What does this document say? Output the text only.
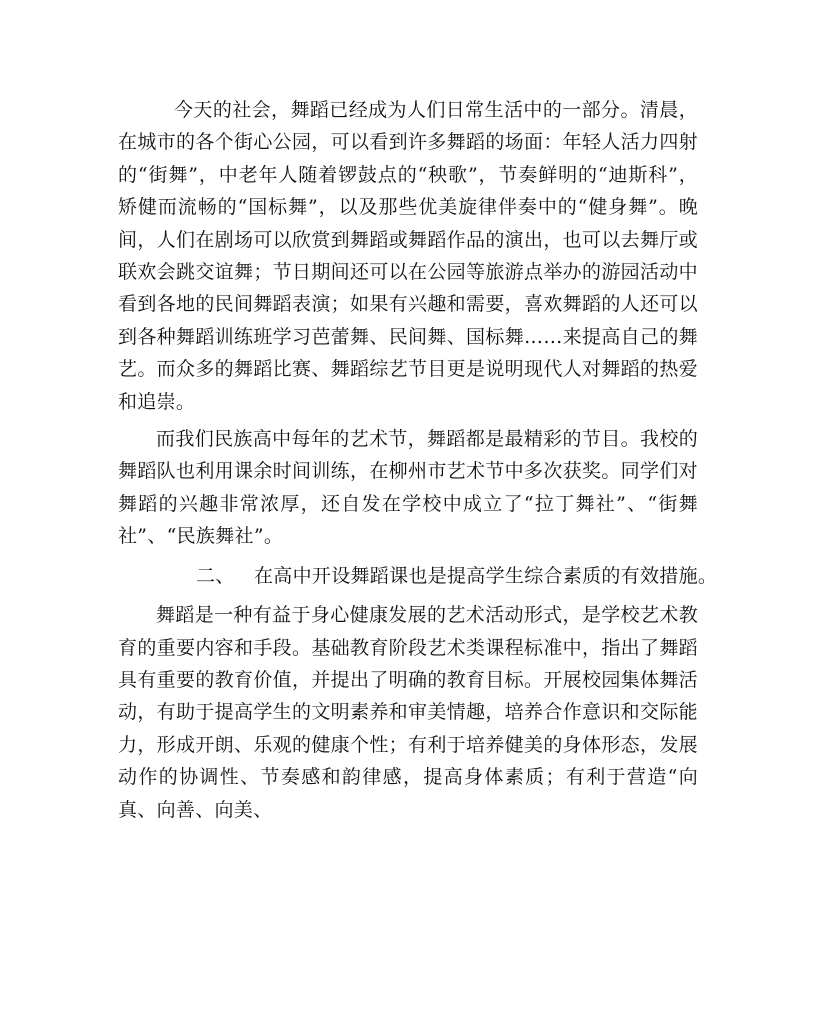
今天的社会，舞蹈已经成为人们日常生活中的一部分。清晨，在城市的各个街心公园，可以看到许多舞蹈的场面：年轻人活力四射的“街舞”，中老年人随着锣鼓点的“秧歌”，节奏鲜明的“迪斯科”，矫健而流畅的“国标舞”，以及那些优美旋律伴奏中的“健身舞”。晚间，人们在剧场可以欣赏到舞蹈或舞蹈作品的演出，也可以去舞厅或联欢会跳交谊舞；节日期间还可以在公园等旅游点举办的游园活动中看到各地的民间舞蹈表演；如果有兴趣和需要，喜欢舞蹈的人还可以到各种舞蹈训练班学习芭蕾舞、民间舞、国标舞……来提高自己的舞艺。而众多的舞蹈比赛、舞蹈综艺节目更是说明现代人对舞蹈的热爱和追崇。

而我们民族高中每年的艺术节，舞蹈都是最精彩的节目。我校的舞蹈队也利用课余时间训练，在柳州市艺术节中多次获奖。同学们对舞蹈的兴趣非常浓厚，还自发在学校中成立了“拉丁舞社”、“街舞社”、“民族舞社”。

二、 在高中开设舞蹈课也是提高学生综合素质的有效措施。

舞蹈是一种有益于身心健康发展的艺术活动形式，是学校艺术教育的重要内容和手段。基础教育阶段艺术类课程标准中，指出了舞蹈具有重要的教育价值，并提出了明确的教育目标。开展校园集体舞活动，有助于提高学生的文明素养和审美情趣，培养合作意识和交际能力，形成开朗、乐观的健康个性；有利于培养健美的身体形态，发展动作的协调性、节奏感和韵律感，提高身体素质；有利于营造“向真、向善、向美、
